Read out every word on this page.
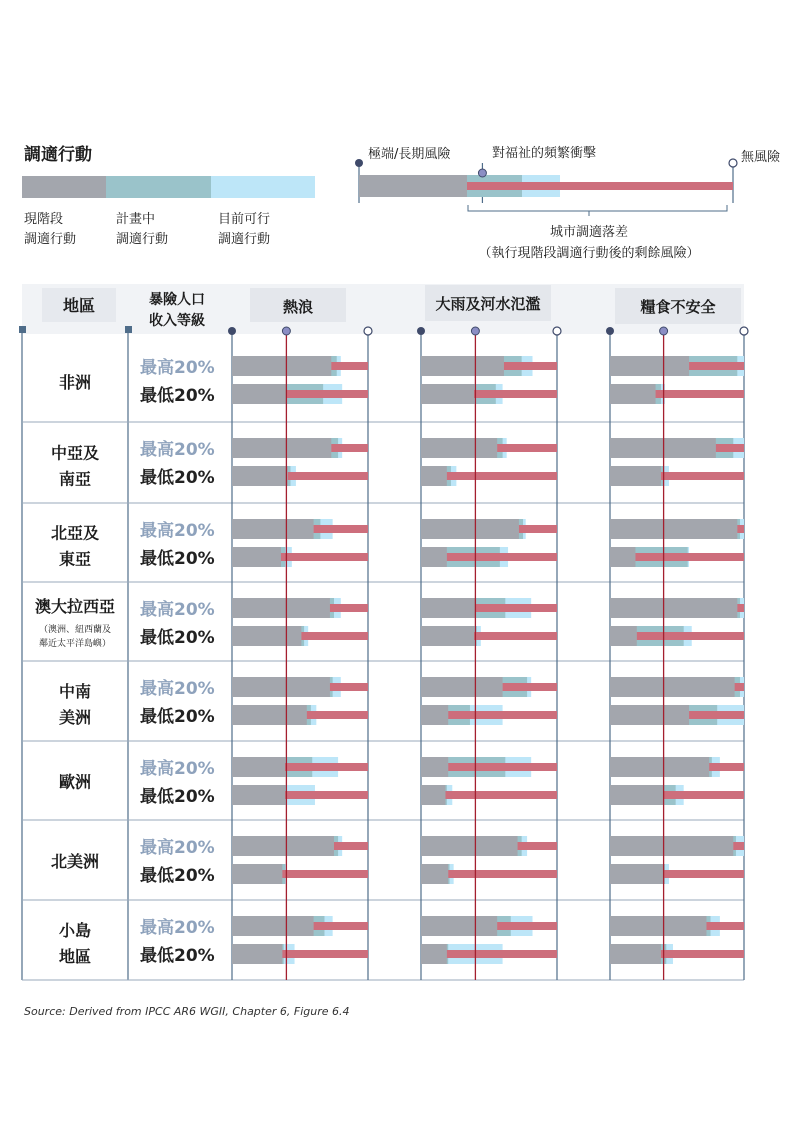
調適行動
現階段
調適行動
計畫中
調適行動
目前可行
調適行動
極端/長期風險	對福祉的頻繁衝擊	無風險
城市調適落差
（執行現階段調適行動後的剩餘風險）
地區	暴險人口
收入等級
熱浪	大雨及河水氾濫	糧食不安全
非洲
最高20%
最低20%
中亞及
南亞
最高20%
最低20%
北亞及
東亞
最高20%
最低20%
澳大拉西亞
（澳洲、紐西蘭及
鄰近太平洋島嶼）
最高20%
最低20%
中南
美洲
最高20%
最低20%
歐洲
最高20%
最低20%
北美洲
最高20%
最低20%
小島
地區
最高20%
最低20%
Source: Derived from IPCC AR6 WGII, Chapter 6, Figure 6.4
